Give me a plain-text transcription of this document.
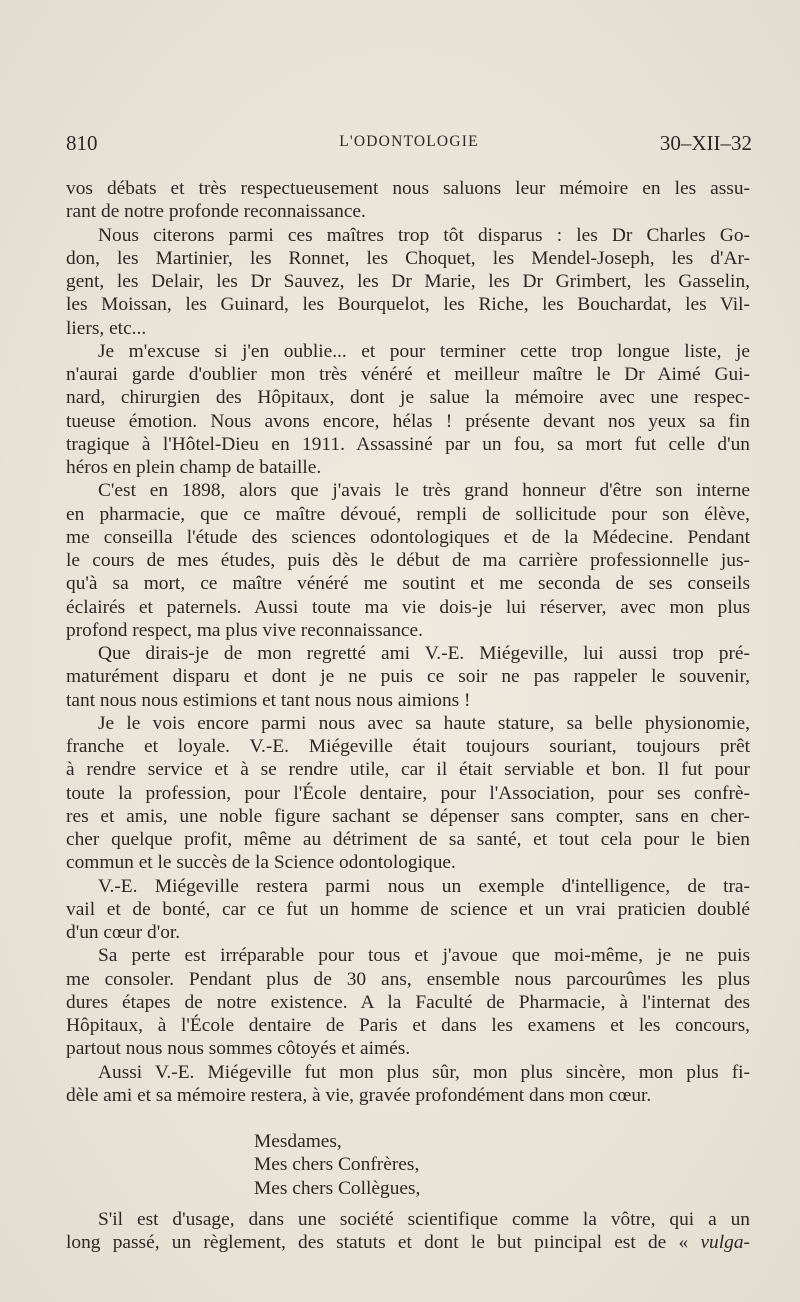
810	L'ODONTOLOGIE	30–XII–32
vos débats et très respectueusement nous saluons leur mémoire en les assu-
rant de notre profonde reconnaissance.
Nous citerons parmi ces maîtres trop tôt disparus : les Dr Charles Go-
don, les Martinier, les Ronnet, les Choquet, les Mendel-Joseph, les d'Ar-
gent, les Delair, les Dr Sauvez, les Dr Marie, les Dr Grimbert, les Gasselin,
les Moissan, les Guinard, les Bourquelot, les Riche, les Bouchardat, les Vil-
liers, etc...
Je m'excuse si j'en oublie... et pour terminer cette trop longue liste, je
n'aurai garde d'oublier mon très vénéré et meilleur maître le Dr Aimé Gui-
nard, chirurgien des Hôpitaux, dont je salue la mémoire avec une respec-
tueuse émotion. Nous avons encore, hélas ! présente devant nos yeux sa fin
tragique à l'Hôtel-Dieu en 1911. Assassiné par un fou, sa mort fut celle d'un
héros en plein champ de bataille.
C'est en 1898, alors que j'avais le très grand honneur d'être son interne
en pharmacie, que ce maître dévoué, rempli de sollicitude pour son élève,
me conseilla l'étude des sciences odontologiques et de la Médecine. Pendant
le cours de mes études, puis dès le début de ma carrière professionnelle jus-
qu'à sa mort, ce maître vénéré me soutint et me seconda de ses conseils
éclairés et paternels. Aussi toute ma vie dois-je lui réserver, avec mon plus
profond respect, ma plus vive reconnaissance.
Que dirais-je de mon regretté ami V.-E. Miégeville, lui aussi trop pré-
maturément disparu et dont je ne puis ce soir ne pas rappeler le souvenir,
tant nous nous estimions et tant nous nous aimions !
Je le vois encore parmi nous avec sa haute stature, sa belle physionomie,
franche et loyale. V.-E. Miégeville était toujours souriant, toujours prêt
à rendre service et à se rendre utile, car il était serviable et bon. Il fut pour
toute la profession, pour l'École dentaire, pour l'Association, pour ses confrè-
res et amis, une noble figure sachant se dépenser sans compter, sans en cher-
cher quelque profit, même au détriment de sa santé, et tout cela pour le bien
commun et le succès de la Science odontologique.
V.-E. Miégeville restera parmi nous un exemple d'intelligence, de tra-
vail et de bonté, car ce fut un homme de science et un vrai praticien doublé
d'un cœur d'or.
Sa perte est irréparable pour tous et j'avoue que moi-même, je ne puis
me consoler. Pendant plus de 30 ans, ensemble nous parcourûmes les plus
dures étapes de notre existence. A la Faculté de Pharmacie, à l'internat des
Hôpitaux, à l'École dentaire de Paris et dans les examens et les concours,
partout nous nous sommes côtoyés et aimés.
Aussi V.-E. Miégeville fut mon plus sûr, mon plus sincère, mon plus fi-
dèle ami et sa mémoire restera, à vie, gravée profondément dans mon cœur.
Mesdames,
Mes chers Confrères,
Mes chers Collègues,
S'il est d'usage, dans une société scientifique comme la vôtre, qui a un
long passé, un règlement, des statuts et dont le but pıincipal est de « vulga-
